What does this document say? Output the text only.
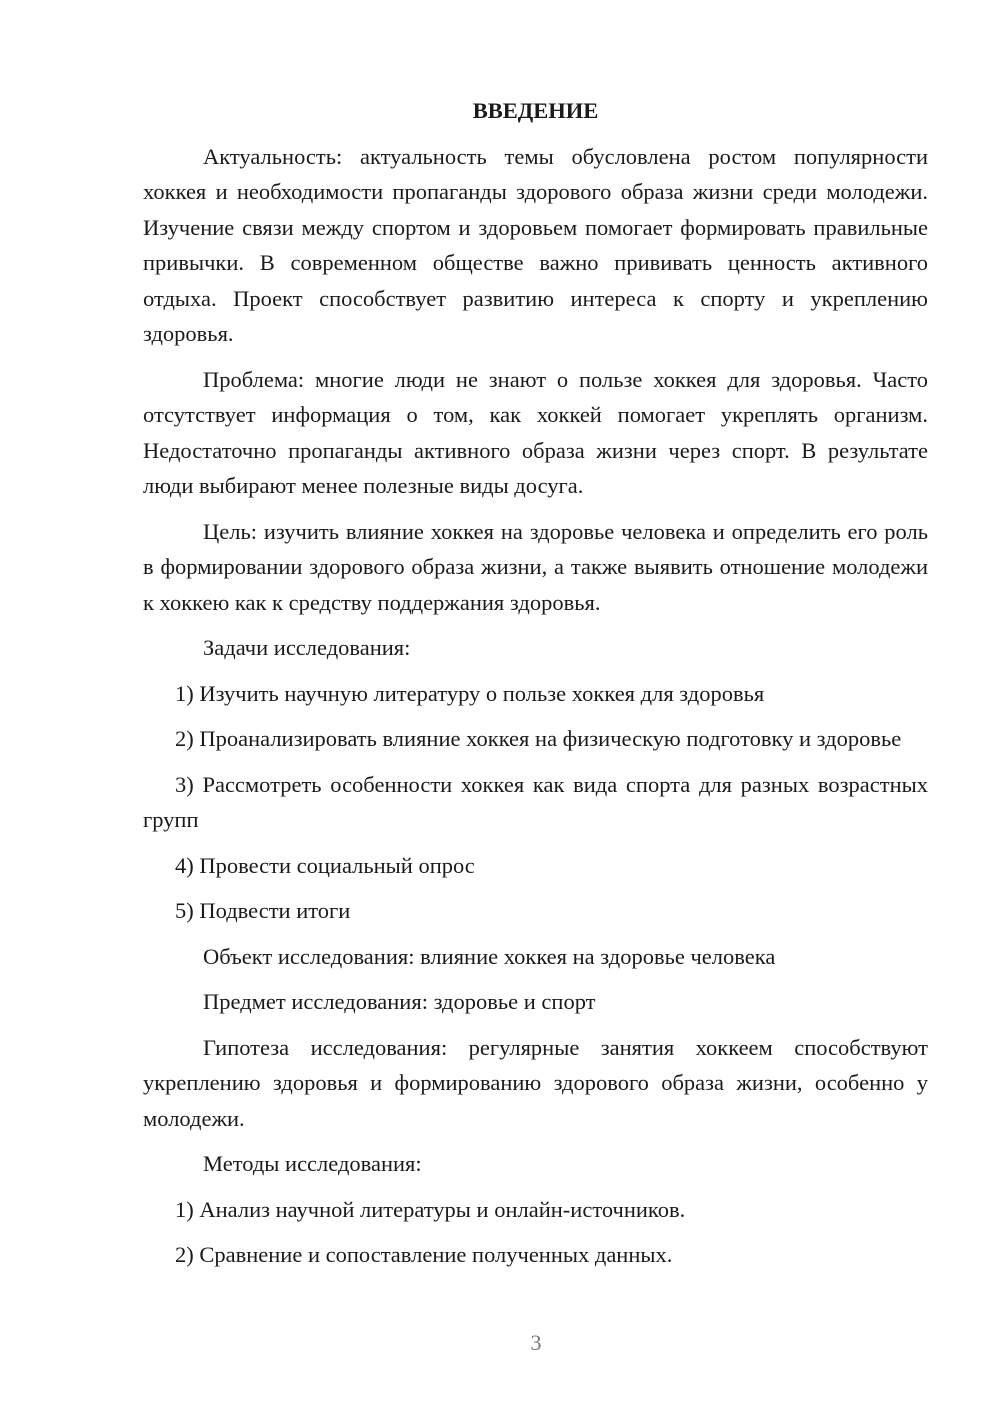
ВВЕДЕНИЕ

Актуальность: актуальность темы обусловлена ростом популярности хоккея и необходимости пропаганды здорового образа жизни среди молодежи. Изучение связи между спортом и здоровьем помогает формировать правильные привычки. В современном обществе важно прививать ценность активного отдыха. Проект способствует развитию интереса к спорту и укреплению здоровья.

Проблема: многие люди не знают о пользе хоккея для здоровья. Часто отсутствует информация о том, как хоккей помогает укреплять организм. Недостаточно пропаганды активного образа жизни через спорт. В результате люди выбирают менее полезные виды досуга.

Цель: изучить влияние хоккея на здоровье человека и определить его роль в формировании здорового образа жизни, а также выявить отношение молодежи к хоккею как к средству поддержания здоровья.

Задачи исследования:

1) Изучить научную литературу о пользе хоккея для здоровья

2) Проанализировать влияние хоккея на физическую подготовку и здоровье

3) Рассмотреть особенности хоккея как вида спорта для разных возрастных групп

4) Провести социальный опрос

5) Подвести итоги

Объект исследования: влияние хоккея на здоровье человека

Предмет исследования: здоровье и спорт

Гипотеза исследования: регулярные занятия хоккеем способствуют укреплению здоровья и формированию здорового образа жизни, особенно у молодежи.

Методы исследования:

1) Анализ научной литературы и онлайн-источников.

2) Сравнение и сопоставление полученных данных.

3
